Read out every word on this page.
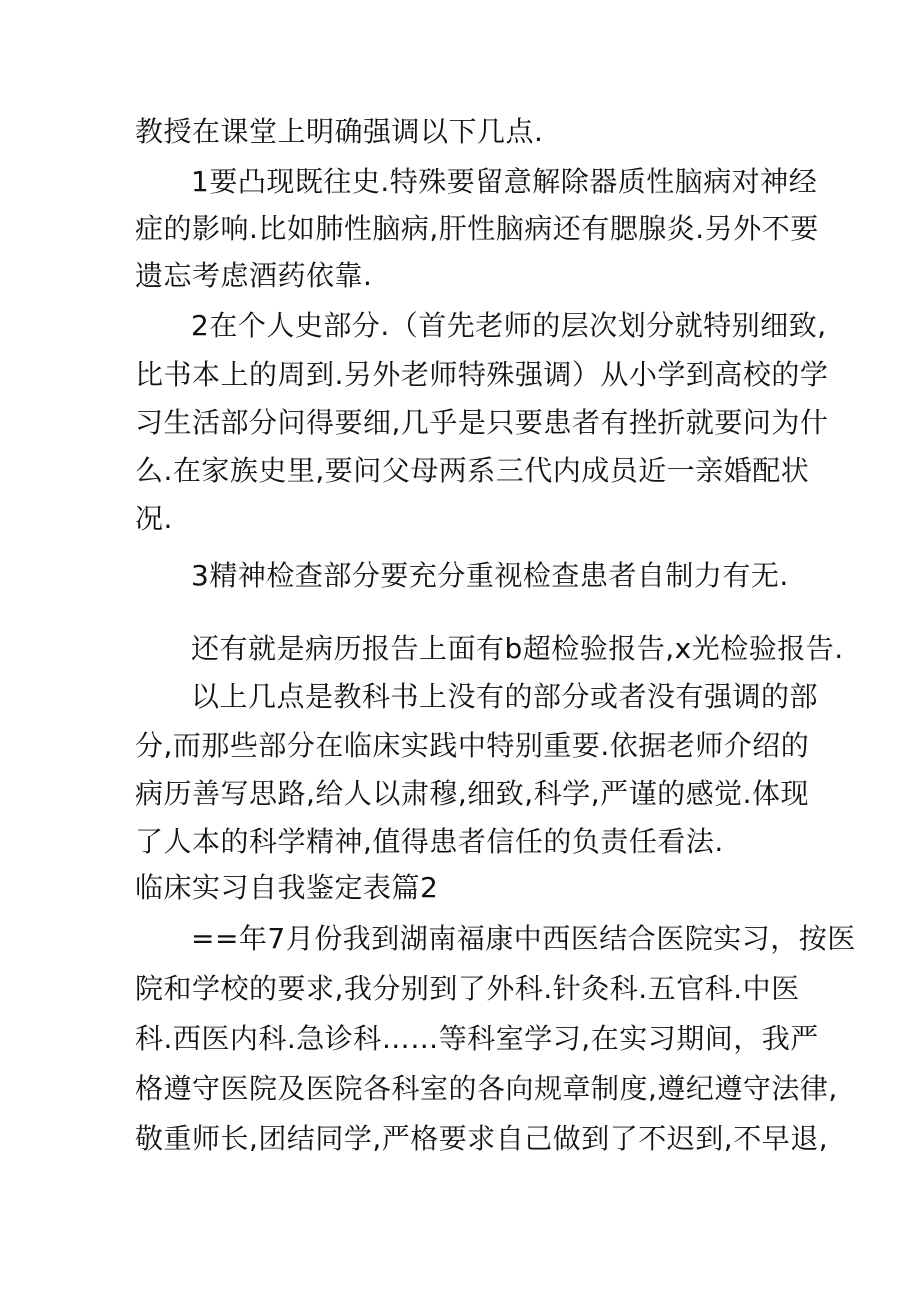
教授在课堂上明确强调以下几点.

1要凸现既往史.特殊要留意解除器质性脑病对神经

症的影响.比如肺性脑病,肝性脑病还有腮腺炎.另外不要

遗忘考虑酒药依靠.

2在个人史部分.（首先老师的层次划分就特别细致,

比书本上的周到.另外老师特殊强调）从小学到高校的学

习生活部分问得要细,几乎是只要患者有挫折就要问为什

么.在家族史里,要问父母两系三代内成员近一亲婚配状

况.

3精神检查部分要充分重视检查患者自制力有无.

还有就是病历报告上面有b超检验报告,x光检验报告.

以上几点是教科书上没有的部分或者没有强调的部

分,而那些部分在临床实践中特别重要.依据老师介绍的

病历善写思路,给人以肃穆,细致,科学,严谨的感觉.体现

了人本的科学精神,值得患者信任的负责任看法.

临床实习自我鉴定表篇2

==年7月份我到湖南福康中西医结合医院实习，按医

院和学校的要求,我分别到了外科.针灸科.五官科.中医

科.西医内科.急诊科……等科室学习,在实习期间，我严

格遵守医院及医院各科室的各向规章制度,遵纪遵守法律,

敬重师长,团结同学,严格要求自己做到了不迟到,不早退,
